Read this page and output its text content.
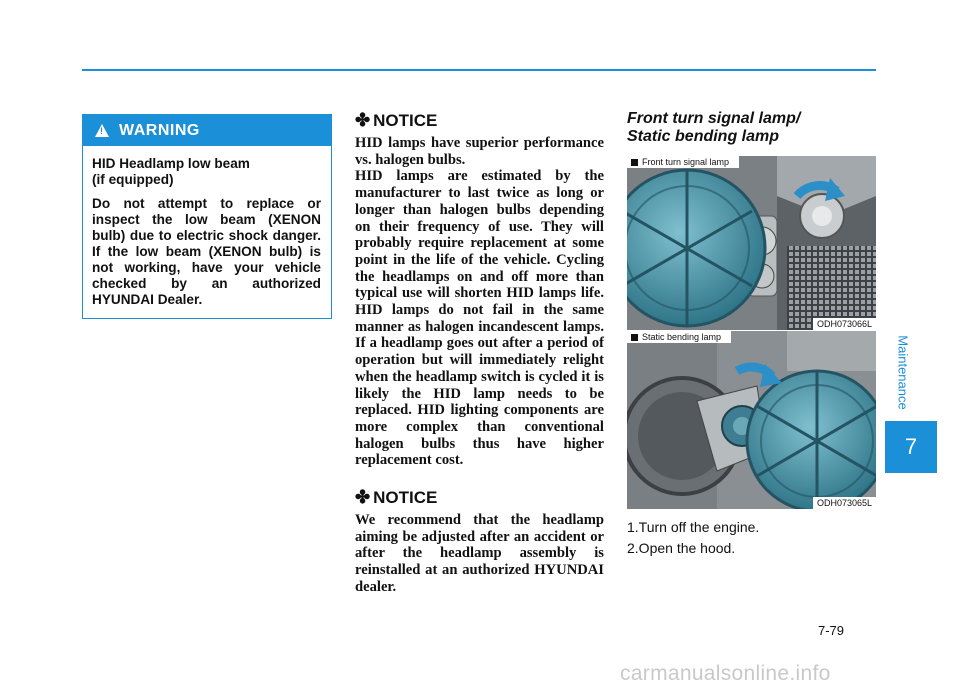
! WARNING

HID Headlamp low beam
(if equipped)

Do not attempt to replace or inspect the low beam (XENON bulb) due to electric shock danger. If the low beam (XENON bulb) is not working, have your vehicle checked by an authorized HYUNDAI Dealer.

✤ NOTICE

HID lamps have superior performance vs. halogen bulbs.

HID lamps are estimated by the manufacturer to last twice as long or longer than halogen bulbs depending on their frequency of use. They will probably require replacement at some point in the life of the vehicle. Cycling the headlamps on and off more than typical use will shorten HID lamps life. HID lamps do not fail in the same manner as halogen incandescent lamps. If a headlamp goes out after a period of operation but will immediately relight when the headlamp switch is cycled it is likely the HID lamp needs to be replaced. HID lighting components are more complex than conventional halogen bulbs thus have higher replacement cost.

✤ NOTICE

We recommend that the headlamp aiming be adjusted after an accident or after the headlamp assembly is reinstalled at an authorized HYUNDAI dealer.

Front turn signal lamp/
Static bending lamp
Front turn signal lamp
ODH073066L
Static bending lamp
ODH073065L
1.Turn off the engine.
2.Open the hood.
Maintenance
7
7-79
carmanualsonline.info
